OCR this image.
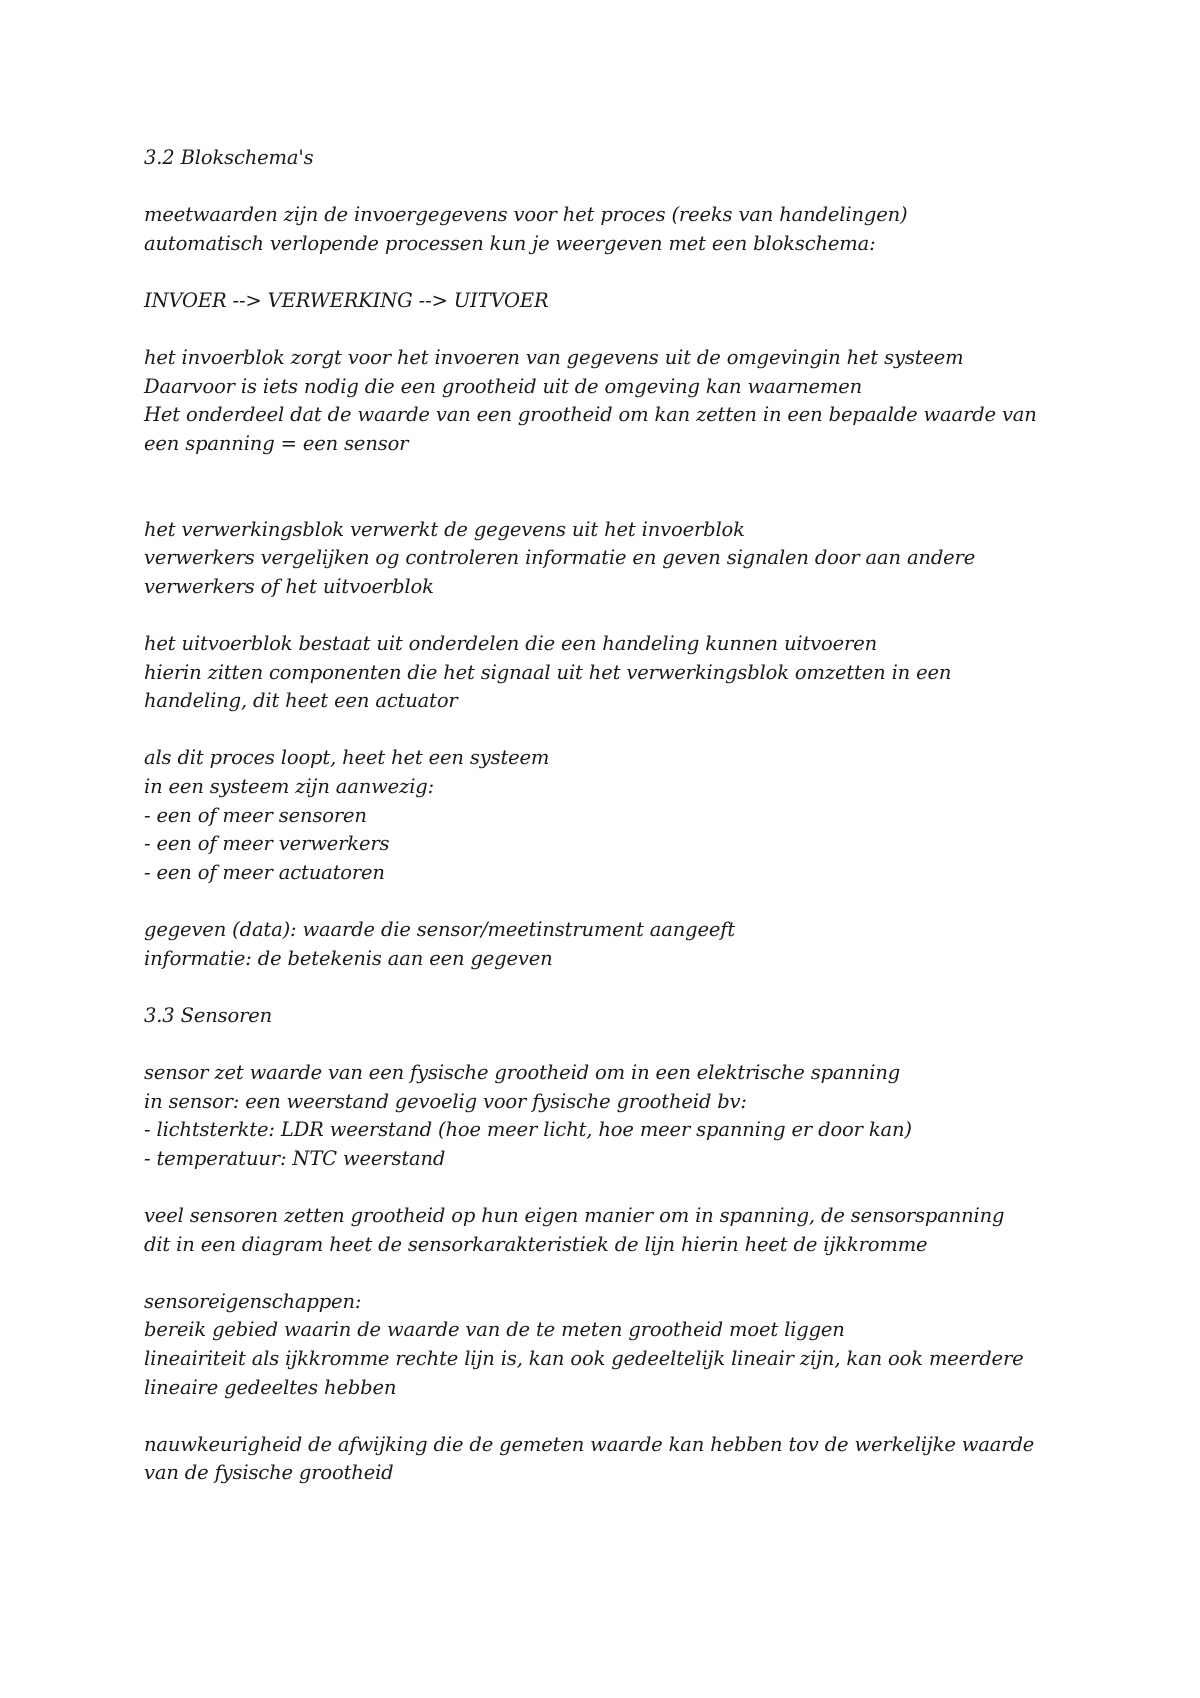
3.2 Blokschema's
meetwaarden zijn de invoergegevens voor het proces (reeks van handelingen)
automatisch verlopende processen kun je weergeven met een blokschema:
INVOER --> VERWERKING --> UITVOER
het invoerblok zorgt voor het invoeren van gegevens uit de omgevingin het systeem
Daarvoor is iets nodig die een grootheid uit de omgeving kan waarnemen
Het onderdeel dat de waarde van een grootheid om kan zetten in een bepaalde waarde van
een spanning = een sensor
het verwerkingsblok verwerkt de gegevens uit het invoerblok
verwerkers vergelijken og controleren informatie en geven signalen door aan andere
verwerkers of het uitvoerblok
het uitvoerblok bestaat uit onderdelen die een handeling kunnen uitvoeren
hierin zitten componenten die het signaal uit het verwerkingsblok omzetten in een
handeling, dit heet een actuator
als dit proces loopt, heet het een systeem
in een systeem zijn aanwezig:
- een of meer sensoren
- een of meer verwerkers
- een of meer actuatoren
gegeven (data): waarde die sensor/meetinstrument aangeeft
informatie: de betekenis aan een gegeven
3.3 Sensoren
sensor zet waarde van een fysische grootheid om in een elektrische spanning
in sensor: een weerstand gevoelig voor fysische grootheid bv:
- lichtsterkte: LDR weerstand (hoe meer licht, hoe meer spanning er door kan)
- temperatuur: NTC weerstand
veel sensoren zetten grootheid op hun eigen manier om in spanning, de sensorspanning
dit in een diagram heet de sensorkarakteristiek de lijn hierin heet de ijkkromme
sensoreigenschappen:
bereik gebied waarin de waarde van de te meten grootheid moet liggen
lineairiteit als ijkkromme rechte lijn is, kan ook gedeeltelijk lineair zijn, kan ook meerdere
lineaire gedeeltes hebben
nauwkeurigheid de afwijking die de gemeten waarde kan hebben tov de werkelijke waarde
van de fysische grootheid
